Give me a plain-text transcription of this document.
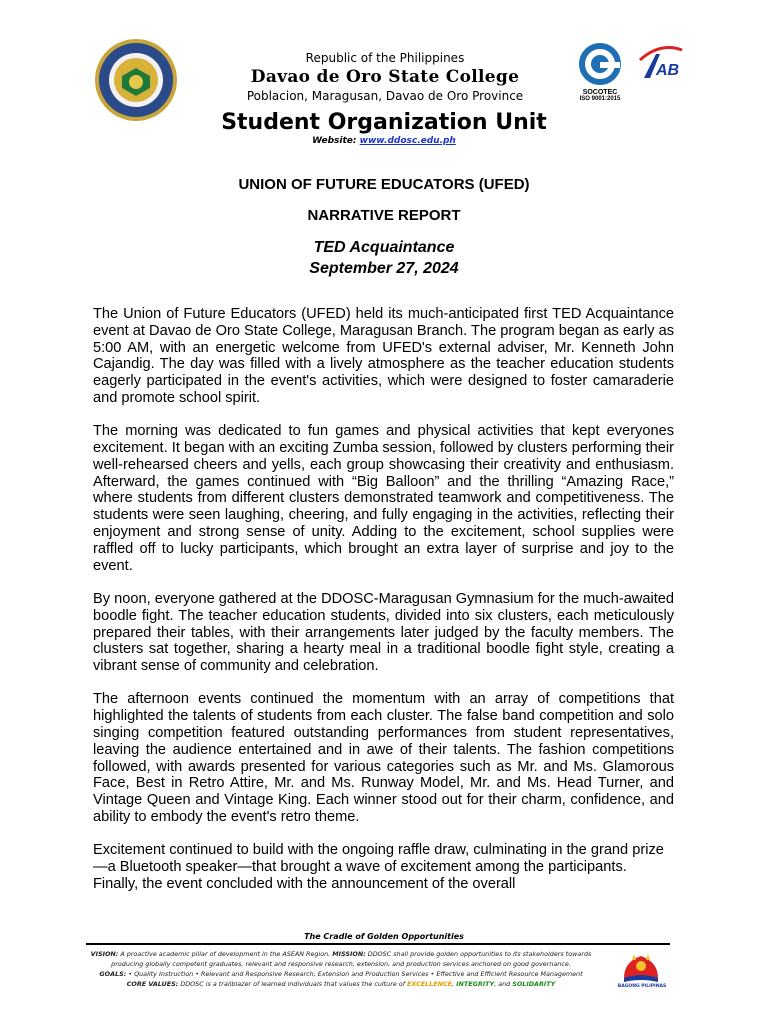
Republic of the Philippines
Davao de Oro State College
Poblacion, Maragusan, Davao de Oro Province	SOCOTEC
ISO 9001:2015
AB
Student Organization Unit
Website: www.ddosc.edu.ph
UNION OF FUTURE EDUCATORS (UFED)
NARRATIVE REPORT
TED Acquaintance
September 27, 2024

The Union of Future Educators (UFED) held its much-anticipated first TED Acquaintance event at Davao de Oro State College, Maragusan Branch. The program began as early as 5:00 AM, with an energetic welcome from UFED's external adviser, Mr. Kenneth John Cajandig. The day was filled with a lively atmosphere as the teacher education students eagerly participated in the event's activities, which were designed to foster camaraderie and promote school spirit.

The morning was dedicated to fun games and physical activities that kept everyones excitement. It began with an exciting Zumba session, followed by clusters performing their well-rehearsed cheers and yells, each group showcasing their creativity and enthusiasm. Afterward, the games continued with “Big Balloon” and the thrilling “Amazing Race,” where students from different clusters demonstrated teamwork and competitiveness. The students were seen laughing, cheering, and fully engaging in the activities, reflecting their enjoyment and strong sense of unity. Adding to the excitement, school supplies were raffled off to lucky participants, which brought an extra layer of surprise and joy to the event.

By noon, everyone gathered at the DDOSC-Maragusan Gymnasium for the much-awaited boodle fight. The teacher education students, divided into six clusters, each meticulously prepared their tables, with their arrangements later judged by the faculty members. The clusters sat together, sharing a hearty meal in a traditional boodle fight style, creating a vibrant sense of community and celebration.

The afternoon events continued the momentum with an array of competitions that highlighted the talents of students from each cluster. The false band competition and solo singing competition featured outstanding performances from student representatives, leaving the audience entertained and in awe of their talents. The fashion competitions followed, with awards presented for various categories such as Mr. and Ms. Glamorous Face, Best in Retro Attire, Mr. and Ms. Runway Model, Mr. and Ms. Head Turner, and Vintage Queen and Vintage King. Each winner stood out for their charm, confidence, and ability to embody the event's retro theme.

Excitement continued to build with the ongoing raffle draw, culminating in the grand prize—a Bluetooth speaker—that brought a wave of excitement among the participants. Finally, the event concluded with the announcement of the overall

The Cradle of Golden Opportunities
VISION: A proactive academic pillar of development in the ASEAN Region. MISSION: DDOSC shall provide golden opportunities to its stakeholders towards producing globally competent graduates, relevant and responsive research, extension, and production services anchored on good governance.
GOALS: • Quality Instruction • Relevant and Responsive Research, Extension and Production Services • Effective and Efficient Resource Management
CORE VALUES: DDOSC is a trailblazer of learned individuals that values the culture of EXCELLENCE, INTEGRITY, and SOLIDARITY	BAGONG PILIPINAS
